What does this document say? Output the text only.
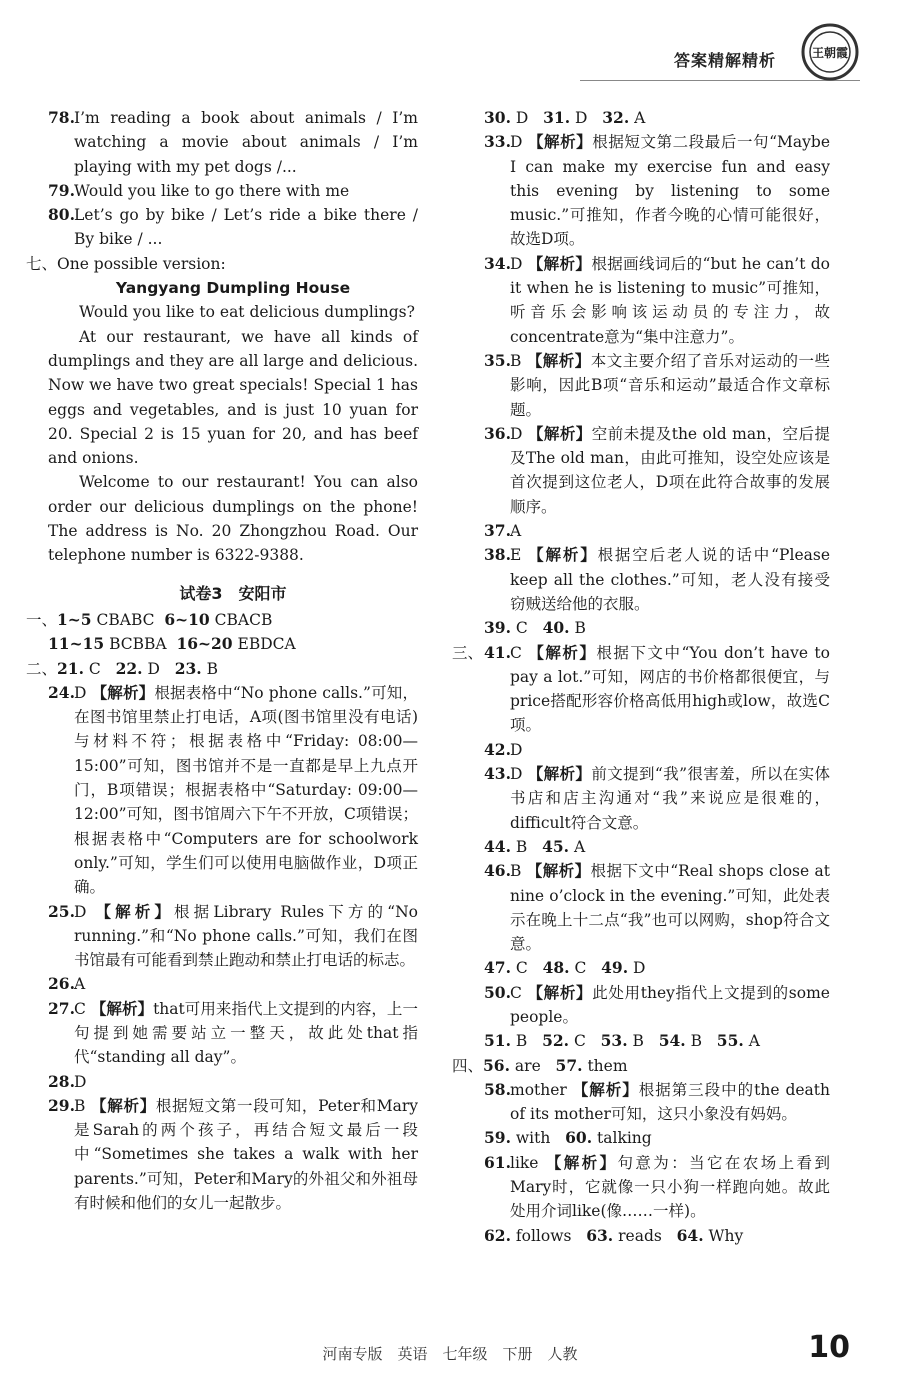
答案精解精析	王朝霞
78. I’m reading a book about animals / I’m watching a movie about animals / I’m playing with my pet dogs /...
79. Would you like to go there with me
80. Let’s go by bike / Let’s ride a bike there / By bike / ...
七、One possible version:
Yangyang Dumpling House
Would you like to eat delicious dumplings?
At our restaurant, we have all kinds of dumplings and they are all large and delicious. Now we have two great specials! Special 1 has eggs and vegetables, and is just 10 yuan for 20. Special 2 is 15 yuan for 20, and has beef and onions.
Welcome to our restaurant! You can also order our delicious dumplings on the phone! The address is No. 20 Zhongzhou Road. Our telephone number is 6322-9388.
试卷3　安阳市
一、1~5 CBABC 6~10 CBACB
11~15 BCBBA 16~20 EBDCA
二、21. C 22. D 23. B
24. D 【解析】根据表格中“No phone calls.”可知，在图书馆里禁止打电话，A项(图书馆里没有电话)与材料不符；根据表格中“Friday: 08:00—15:00”可知，图书馆并不是一直都是早上九点开门，B项错误；根据表格中“Saturday: 09:00—12:00”可知，图书馆周六下午不开放，C项错误；根据表格中“Computers are for schoolwork only.”可知，学生们可以使用电脑做作业，D项正确。
25. D 【解析】根据Library Rules下方的“No running.”和“No phone calls.”可知，我们在图书馆最有可能看到禁止跑动和禁止打电话的标志。
26. A
27. C 【解析】that可用来指代上文提到的内容，上一句提到她需要站立一整天，故此处that指代“standing all day”。
28. D
29. B 【解析】根据短文第一段可知，Peter和Mary是Sarah的两个孩子，再结合短文最后一段中“Sometimes she takes a walk with her parents.”可知，Peter和Mary的外祖父和外祖母有时候和他们的女儿一起散步。
30. D 31. D 32. A
33. D 【解析】根据短文第二段最后一句“Maybe I can make my exercise fun and easy this evening by listening to some music.”可推知，作者今晚的心情可能很好，故选D项。
34. D 【解析】根据画线词后的“but he can’t do it when he is listening to music”可推知，听音乐会影响该运动员的专注力，故concentrate意为“集中注意力”。
35. B 【解析】本文主要介绍了音乐对运动的一些影响，因此B项“音乐和运动”最适合作文章标题。
36. D 【解析】空前未提及the old man，空后提及The old man，由此可推知，设空处应该是首次提到这位老人，D项在此符合故事的发展顺序。
37. A
38. E 【解析】根据空后老人说的话中“Please keep all the clothes.”可知，老人没有接受窃贼送给他的衣服。
39. C 40. B
三、 41. C 【解析】根据下文中“You don’t have to pay a lot.”可知，网店的书价格都很便宜，与price搭配形容价格高低用high或low，故选C项。
42. D
43. D 【解析】前文提到“我”很害羞，所以在实体书店和店主沟通对“我”来说应是很难的，difficult符合文意。
44. B 45. A
46. B 【解析】根据下文中“Real shops close at nine o’clock in the evening.”可知，此处表示在晚上十二点“我”也可以网购，shop符合文意。
47. C 48. C 49. D
50. C 【解析】此处用they指代上文提到的some people。
51. B 52. C 53. B 54. B 55. A
四、56. are 57. them
58. mother 【解析】根据第三段中的the death of its mother可知，这只小象没有妈妈。
59. with 60. talking
61. like 【解析】句意为：当它在农场上看到Mary时，它就像一只小狗一样跑向她。故此处用介词like(像……一样)。
62. follows 63. reads 64. Why
河南专版　英语　七年级　下册　人教	10
